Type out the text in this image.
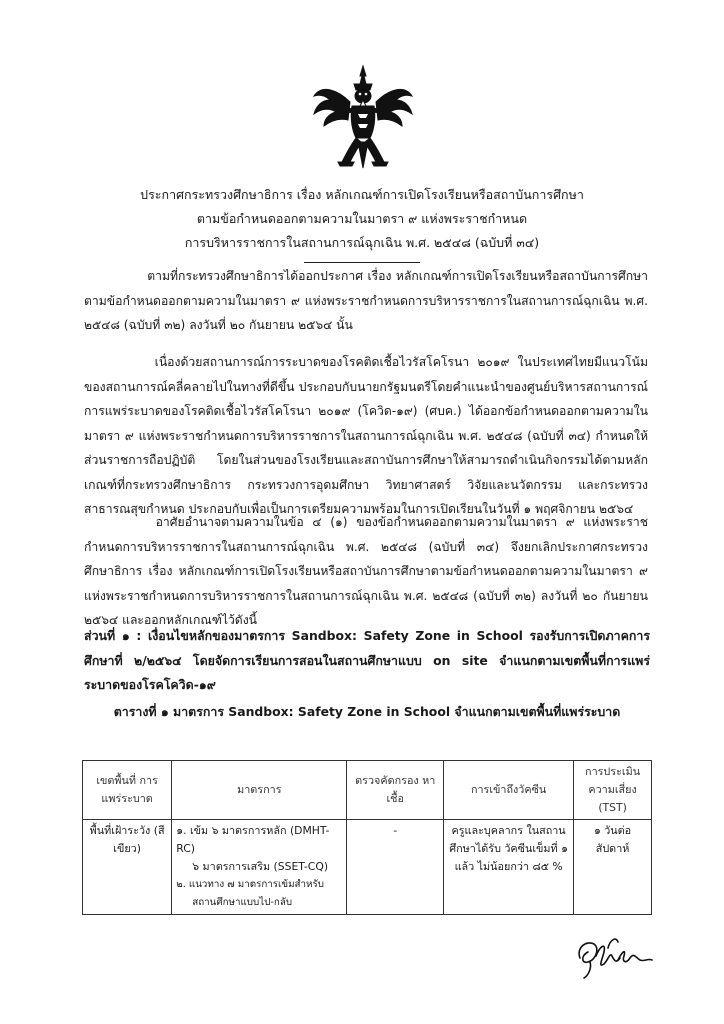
ประกาศกระทรวงศึกษาธิการ เรื่อง หลักเกณฑ์การเปิดโรงเรียนหรือสถาบันการศึกษา
ตามข้อกำหนดออกตามความในมาตรา ๙ แห่งพระราชกำหนด
การบริหารราชการในสถานการณ์ฉุกเฉิน พ.ศ. ๒๕๔๘ (ฉบับที่ ๓๔)
		ตามที่กระทรวงศึกษาธิการได้ออกประกาศ เรื่อง หลักเกณฑ์การเปิดโรงเรียนหรือสถาบันการศึกษาตามข้อกำหนดออกตามความในมาตรา ๙ แห่งพระราชกำหนดการบริหารราชการในสถานการณ์ฉุกเฉิน พ.ศ. ๒๕๔๘ (ฉบับที่ ๓๒) ลงวันที่ ๒๐ กันยายน ๒๕๖๔ นั้น
		เนื่องด้วยสถานการณ์การระบาดของโรคติดเชื้อไวรัสโคโรนา ๒๐๑๙ ในประเทศไทยมีแนวโน้มของสถานการณ์คลี่คลายไปในทางที่ดีขึ้น ประกอบกับนายกรัฐมนตรีโดยคำแนะนำของศูนย์บริหารสถานการณ์การแพร่ระบาดของโรคติดเชื้อไวรัสโคโรนา ๒๐๑๙ (โควิด-๑๙) (ศบค.) ได้ออกข้อกำหนดออกตามความในมาตรา ๙ แห่งพระราชกำหนดการบริหารราชการในสถานการณ์ฉุกเฉิน พ.ศ. ๒๕๔๘ (ฉบับที่ ๓๔) กำหนดให้ส่วนราชการถือปฏิบัติ โดยในส่วนของโรงเรียนและสถาบันการศึกษาให้สามารถดำเนินกิจกรรมได้ตามหลักเกณฑ์ที่กระทรวงศึกษาธิการ กระทรวงการอุดมศึกษา วิทยาศาสตร์ วิจัยและนวัตกรรม และกระทรวงสาธารณสุขกำหนด ประกอบกับเพื่อเป็นการเตรียมความพร้อมในการเปิดเรียนในวันที่ ๑ พฤศจิกายน ๒๕๖๔
		อาศัยอำนาจตามความในข้อ ๔ (๑) ของข้อกำหนดออกตามความในมาตรา ๙ แห่งพระราชกำหนดการบริหารราชการในสถานการณ์ฉุกเฉิน พ.ศ. ๒๕๔๘ (ฉบับที่ ๓๔) จึงยกเลิกประกาศกระทรวงศึกษาธิการ เรื่อง หลักเกณฑ์การเปิดโรงเรียนหรือสถาบันการศึกษาตามข้อกำหนดออกตามความในมาตรา ๙ แห่งพระราชกำหนดการบริหารราชการในสถานการณ์ฉุกเฉิน พ.ศ. ๒๕๔๘ (ฉบับที่ ๓๒) ลงวันที่ ๒๐ กันยายน ๒๕๖๔ และออกหลักเกณฑ์ไว้ดังนี้
ส่วนที่ ๑ : เงื่อนไขหลักของมาตรการ Sandbox: Safety Zone in School รองรับการเปิดภาคการศึกษาที่ ๒/๒๕๖๔ โดยจัดการเรียนการสอนในสถานศึกษาแบบ on site จำแนกตามเขตพื้นที่การแพร่ระบาดของโรคโควิด-๑๙
ตารางที่ ๑ มาตรการ Sandbox: Safety Zone in School จำแนกตามเขตพื้นที่แพร่ระบาด
เขตพื้นที่ การแพร่ระบาด	มาตรการ	ตรวจคัดกรอง หาเชื้อ	การเข้าถึงวัคซีน	การประเมิน ความเสี่ยง (TST)
พื้นที่เฝ้าระวัง (สีเขียว)	๑. เข้ม ๖ มาตรการหลัก (DMHT-RC)
๖ มาตรการเสริม (SSET-CQ)
๒. แนวทาง ๗ มาตรการเข้มสำหรับ
สถานศึกษาแบบไป-กลับ	-	ครูและบุคลากร ในสถานศึกษาได้รับ วัคซีนเข็มที่ ๑ แล้ว ไม่น้อยกว่า ๘๕ %	๑ วันต่อ สัปดาห์
